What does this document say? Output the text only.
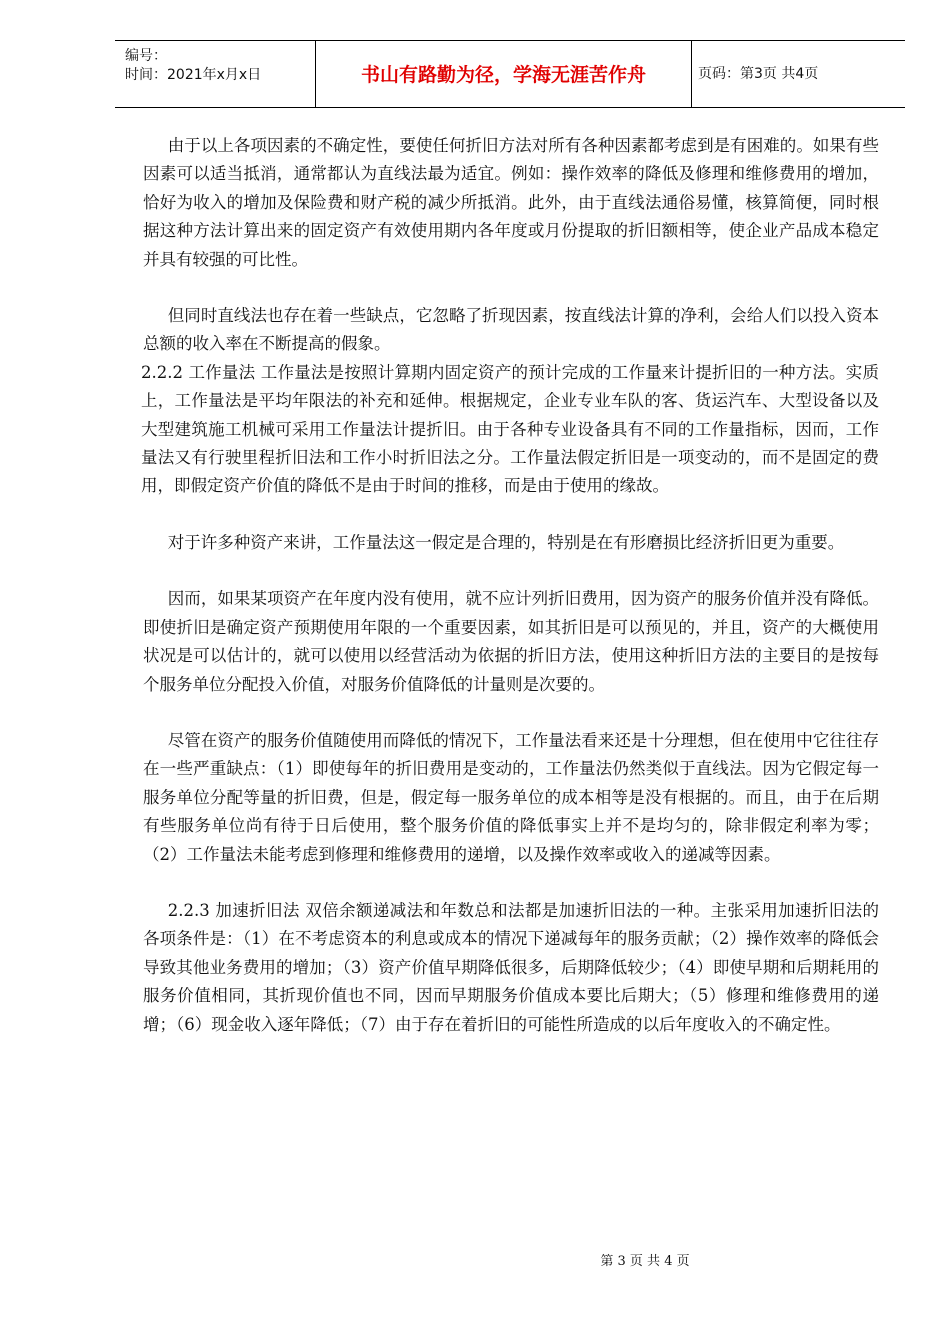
编号：
时间：2021年x月x日	书山有路勤为径，学海无涯苦作舟	页码：第3页 共4页

由于以上各项因素的不确定性，要使任何折旧方法对所有各种因素都考虑到是有困难的。如果有些因素可以适当抵消，通常都认为直线法最为适宜。例如：操作效率的降低及修理和维修费用的增加，恰好为收入的增加及保险费和财产税的减少所抵消。此外，由于直线法通俗易懂，核算简便，同时根据这种方法计算出来的固定资产有效使用期内各年度或月份提取的折旧额相等，使企业产品成本稳定并具有较强的可比性。

但同时直线法也存在着一些缺点，它忽略了折现因素，按直线法计算的净利，会给人们以投入资本总额的收入率在不断提高的假象。

2.2.2 工作量法 工作量法是按照计算期内固定资产的预计完成的工作量来计提折旧的一种方法。实质上，工作量法是平均年限法的补充和延伸。根据规定，企业专业车队的客、货运汽车、大型设备以及大型建筑施工机械可采用工作量法计提折旧。由于各种专业设备具有不同的工作量指标，因而，工作量法又有行驶里程折旧法和工作小时折旧法之分。工作量法假定折旧是一项变动的，而不是固定的费用，即假定资产价值的降低不是由于时间的推移，而是由于使用的缘故。

对于许多种资产来讲，工作量法这一假定是合理的，特别是在有形磨损比经济折旧更为重要。

因而，如果某项资产在年度内没有使用，就不应计列折旧费用，因为资产的服务价值并没有降低。即使折旧是确定资产预期使用年限的一个重要因素，如其折旧是可以预见的，并且，资产的大概使用状况是可以估计的，就可以使用以经营活动为依据的折旧方法，使用这种折旧方法的主要目的是按每个服务单位分配投入价值，对服务价值降低的计量则是次要的。

尽管在资产的服务价值随使用而降低的情况下，工作量法看来还是十分理想，但在使用中它往往存在一些严重缺点：（1）即使每年的折旧费用是变动的，工作量法仍然类似于直线法。因为它假定每一服务单位分配等量的折旧费，但是，假定每一服务单位的成本相等是没有根据的。而且，由于在后期有些服务单位尚有待于日后使用，整个服务价值的降低事实上并不是均匀的，除非假定利率为零；（2）工作量法未能考虑到修理和维修费用的递增，以及操作效率或收入的递减等因素。

2.2.3 加速折旧法 双倍余额递减法和年数总和法都是加速折旧法的一种。主张采用加速折旧法的各项条件是：（1）在不考虑资本的利息或成本的情况下递减每年的服务贡献；（2）操作效率的降低会导致其他业务费用的增加；（3）资产价值早期降低很多，后期降低较少；（4）即使早期和后期耗用的服务价值相同，其折现价值也不同，因而早期服务价值成本要比后期大；（5）修理和维修费用的递增；（6）现金收入逐年降低；（7）由于存在着折旧的可能性所造成的以后年度收入的不确定性。

第 3 页 共 4 页
